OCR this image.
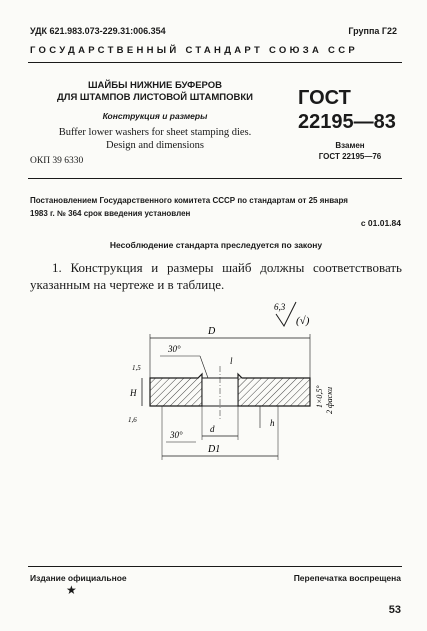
УДК 621.983.073-229.31:006.354	Группа Г22
ГОСУДАРСТВЕННЫЙ СТАНДАРТ СОЮЗА ССР
ШАЙБЫ НИЖНИЕ БУФЕРОВ
ДЛЯ ШТАМПОВ ЛИСТОВОЙ ШТАМПОВКИ
Конструкция и размеры
Buffer lower washers for sheet stamping dies.
Design and dimensions
ГОСТ
22195—83
Взамен
ГОСТ 22195—76
ОКП 39 6330
Постановлением Государственного комитета СССР по стандартам от 25 января
1983 г. № 364 срок введения установлен
с 01.01.84
Несоблюдение стандарта преследуется по закону
1. Конструкция и размеры шайб должны соответствовать указанным на чертеже и в таблице.
6,3
(√)
D
30°
l
1,5
H
1,6	h
1×0,5° 2 фаски
30°
d
D1
Издание официальное	Перепечатка воспрещена
★
53
